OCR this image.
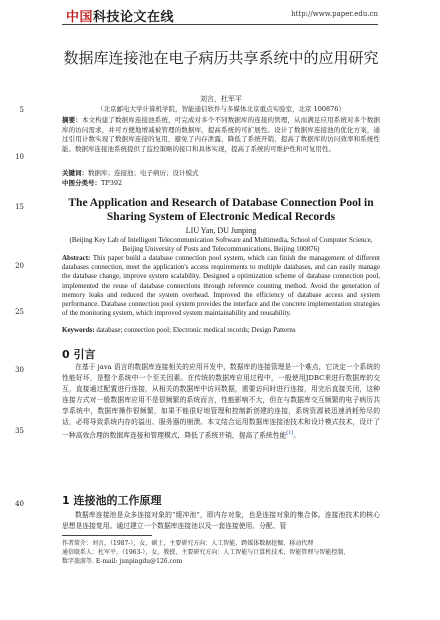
中国科技论文在线	http://www.paper.edu.cn
5
10
15
20
25
30
35
40
数据库连接池在电子病历共享系统中的应用研究
刘言，杜军平
（北京邮电大学计算机学院，智能通信软件与多媒体北京重点实验室，北京 100876）
摘要：本文构建了数据库连接池系统，可完成对多个不同数据库的连接的管理，从而满足应用系统对多个数据库的访问需求，并可方便地增减被管理的数据库，提高系统的可扩展性。设计了数据库连接池的优化方案，通过引用计数实现了数据库连接的复用，避免了内存泄露，降低了系统开销，提高了数据库的访问效率和系统性能。数据库连接池系统提供了监控策略的接口和具体实现，提高了系统的可维护性和可复用性。
关键词：数据库；连接池；电子病历；设计模式
中图分类号：TP392
The Application and Research of Database Connection Pool in Sharing System of Electronic Medical Records
LIU Yan, DU Junping
(Beijing Key Lab of Intelligent Telecommunication Software and Multimedia, School of Computer Science, Beijing University of Posts and Telecommunications, Beijing 100876)
Abstract: This paper build a database connection pool system, which can finish the management of different databases connection, meet the application's access requirements to multiple databases, and can easily manage the database change, improve system scalability. Designed a optimization scheme of database connection pool, implemented the reuse of database connections through reference counting method. Avoid the generation of memory leaks and reduced the system overhead. Improved the efficiency of database access and system performance. Database connection pool system provides the interface and the concrete implementation strategies of the monitoring system, which improved system maintainability and reusability.
Keywords: database; connection pool; Electronic medical records; Design Patterns
0 引言
在基于 java 语言的数据库连接相关的应用开发中，数据库的连接管理是一个难点，它决定一个系统的性能好坏，是整个系统中一个至关因素。在传统的数据库应用过程中，一般使用JDBC来进行数据库的交互，直接通过配置进行连接，从相关的数据库中访问数据，需要访问时进行连接，用完后直接关闭，这种连接方式对一般数据库应用不是很频繁的系统而言，性能影响不大，但在与数据库交互频繁的电子病历共享系统中，数据库操作很频繁，如果不能很好地管理和控制新创建的连接，系统资源被迅速消耗殆尽的话，必将导致系统内存的溢出、服务器的崩溃。本文结合运用数据库连接池技术和设计模式技术，设计了一种高效合理的数据库连接和管理模式，降低了系统开销，提高了系统性能[1]。
1 连接池的工作原理
数据库连接池是众多连接对象的“缓冲池”，即内存对象，也是连接对象的集合体。连接池技术的核心思想是连接复用。通过建立一个数据库连接池以及一套连接使用、分配、管
作者简介：刘言，（1987-），女，硕士，主要研究方向：人工智能、跨媒体数据挖掘、移动代理
通信联系人：杜军平，（1963-），女，教授，主要研究方向：人工智能与计算机技术，智能管理与智能控制、
数字旅游等. E-mail: junpingdu@126.com
